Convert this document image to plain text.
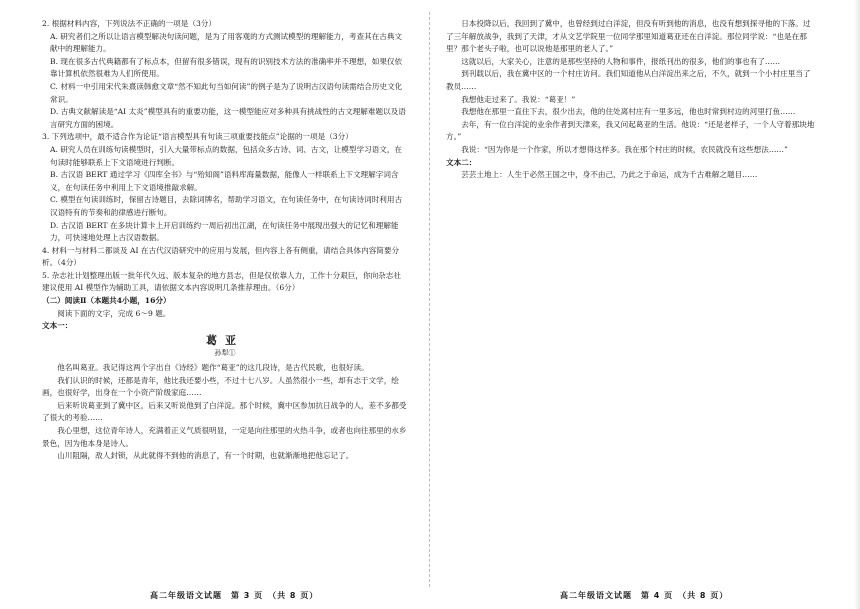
2. 根据材料内容，下列说法不正确的一项是（3分）

A. 研究者们之所以让语言模型解决句读问题，是为了用客观的方式测试模型的理解能力，考查其在古典文献中的理解能力。

B. 现在很多古代典籍都有了标点本，但留有很多错误，现有的识别技术方法的准确率并不理想，如果仅依靠计算机依然很难为人们所使用。

C. 材料一中引用宋代朱熹读韩愈文章“然不知此句当如何读”的例子是为了说明古汉语句读需结合历史文化常识。

D. 古典文献解读是“AI 太炎”模型具有的重要功能，这一模型能应对多种具有挑战性的古文理解难题以及语言研究方面的困境。

3. 下列选项中，最不适合作为论证“语言模型具有句读三项重要技能点”论据的一项是（3分）

A. 研究人员在训练句读模型时，引入大量带标点的数据，包括众多古诗、词、古文，让模型学习语文，在句读时能够联系上下文语境进行判断。

B. 古汉语 BERT 通过学习《四库全书》与“殆知阁”语料库海量数据，能像人一样联系上下文理解字词含义，在句读任务中利用上下文语境推敲求解。

C. 模型在句读训练时，保留古诗题目，去除词牌名，帮助学习语文，在句读任务中，在句读诗词时利用古汉语特有的节奏和韵律感进行断句。

D. 古汉语 BERT 在多块计算卡上开启训练约一周后初出江湖，在句读任务中展现出强大的记忆和理解能力，可快速地处理上古汉语数据。

4. 材料一与材料二都谈及 AI 在古代汉语研究中的应用与发展，但内容上各有侧重，请结合具体内容简要分析。（4分）

5. 杂志社计划整理出版一批年代久远、版本复杂的地方县志，但是仅依靠人力，工作十分艰巨，你向杂志社建议使用 AI 模型作为辅助工具，请依据文本内容说明几条推荐理由。（6分）

（二）阅读Ⅱ（本题共4小题，16分）

阅读下面的文字，完成 6～9 题。

文本一：

葛亚
孙犁①

他名叫葛亚。我记得这两个字出自《诗经》题作“葛亚”的这几段诗，是古代民歌，也很好读。

我们认识的时候，还都是青年，他比我还要小些，不过十七八岁。人虽然很小一些，却有志于文学，绘画，也很好学，出身在一个小资产阶级家庭……

后来听说葛亚到了冀中区，后来又听说他到了白洋淀。那个时候，冀中区参加抗日战争的人，差不多都受了很大的考验……

我心里想，这位青年诗人，充满着正义气质很明显，一定是向往那里的火热斗争，或者也向往那里的水乡景色，因为他本身是诗人。

山川阻隔，敌人封锁，从此就得不到他的消息了，有一个时期，也就渐渐地把他忘记了。

日本投降以后，我回到了冀中，也曾经到过白洋淀，但没有听到他的消息，也没有想到探寻他的下落。过了三年解放战争，我到了天津，才从文艺学院里一位同学那里知道葛亚还在白洋淀。那位同学说：“也是在那里？那个老头子啦，也可以说他是那里的老人了。”

这就以后，大家关心，注意的是那些坚持的人物和事件，报纸刊出的很多，他们的事也有了……

到刊载以后，我在冀中区的一个村庄访问。我们知道他从白洋淀出来之后，不久，就到一个小村庄里当了教员……

我想他走过来了。我说：“葛亚！”

我想他在那里一直住下去，很少出去，他的住处离村庄有一里多远，他也时常到村边的河里打鱼……

去年，有一位白洋淀的业余作者到天津来，我又问起葛亚的生活。他说：“还是老样子，一个人守着那块地方。”

我说：“因为你是一个作家，所以才想得这样多。我在那个村庄的时候，农民就没有这些想法……”

文本二：

芸芸土地上：人生于必然王国之中，身不由己，乃此之于命运，成为千古难解之题目……

高二年级语文试题　第 3 页　（共 8 页）	高二年级语文试题　第 4 页　（共 8 页）
